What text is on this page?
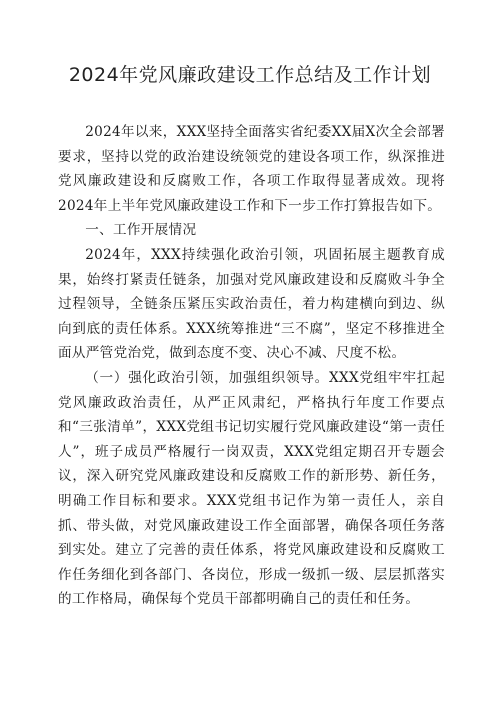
2024年党风廉政建设工作总结及工作计划

2024年以来，XXX坚持全面落实省纪委XX届X次全会部署要求，坚持以党的政治建设统领党的建设各项工作，纵深推进党风廉政建设和反腐败工作，各项工作取得显著成效。现将2024年上半年党风廉政建设工作和下一步工作打算报告如下。

一、工作开展情况

2024年，XXX持续强化政治引领，巩固拓展主题教育成果，始终打紧责任链条，加强对党风廉政建设和反腐败斗争全过程领导，全链条压紧压实政治责任，着力构建横向到边、纵向到底的责任体系。XXX统筹推进“三不腐”，坚定不移推进全面从严管党治党，做到态度不变、决心不减、尺度不松。

（一）强化政治引领，加强组织领导。XXX党组牢牢扛起党风廉政政治责任，从严正风肃纪，严格执行年度工作要点和“三张清单”，XXX党组书记切实履行党风廉政建设“第一责任人”，班子成员严格履行一岗双责，XXX党组定期召开专题会议，深入研究党风廉政建设和反腐败工作的新形势、新任务，明确工作目标和要求。XXX党组书记作为第一责任人，亲自抓、带头做，对党风廉政建设工作全面部署，确保各项任务落到实处。建立了完善的责任体系，将党风廉政建设和反腐败工作任务细化到各部门、各岗位，形成一级抓一级、层层抓落实的工作格局，确保每个党员干部都明确自己的责任和任务。
